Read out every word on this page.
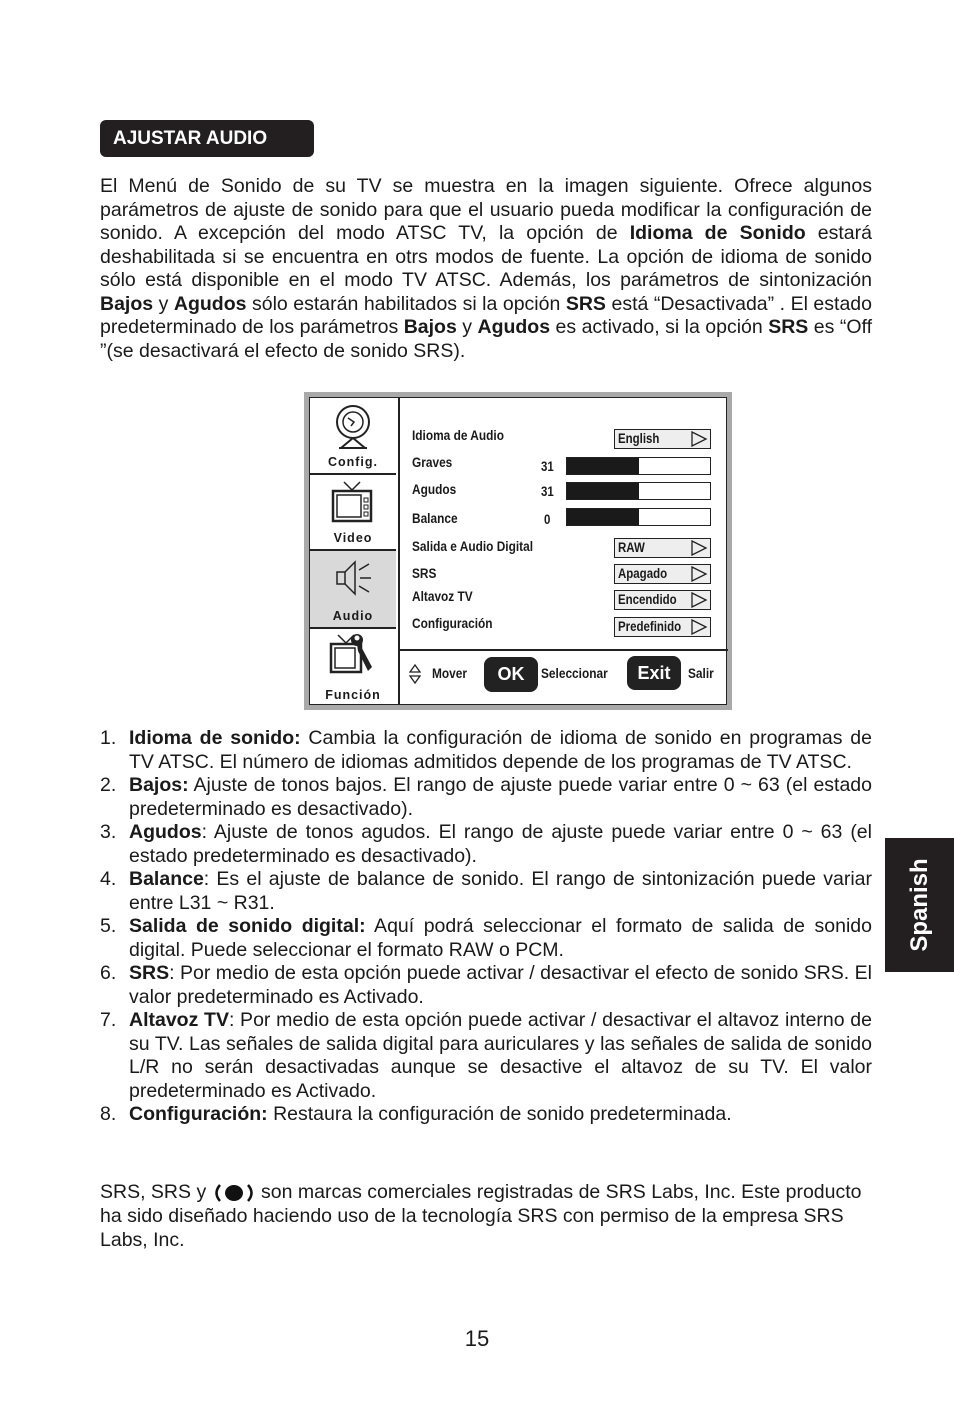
AJUSTAR AUDIO

El Menú de Sonido de su TV se muestra en la imagen siguiente. Ofrece algunos parámetros de ajuste de sonido para que el usuario pueda modificar la configuración de sonido. A excepción del modo ATSC TV, la opción de Idioma de Sonido estará deshabilitada si se encuentra en otrs modos de fuente. La opción de idioma de sonido sólo está disponible en el modo TV ATSC. Además, los parámetros de sintonización Bajos y Agudos sólo estarán habilitados si la opción SRS está “Desactivada” . El estado predeterminado de los parámetros Bajos y Agudos es activado, si la opción SRS es “Off ”(se desactivará el efecto de sonido SRS).

Config.
Video
Audio
Función
Idioma de Audio	English
Graves	31
Agudos	31
Balance	0
Salida e Audio Digital	RAW
SRS	Apagado
Altavoz TV	Encendido
Configuración	Predefinido
Mover	OK	Seleccionar	Exit	Salir

1. Idioma de sonido: Cambia la configuración de idioma de sonido en programas de TV ATSC. El número de idiomas admitidos depende de los programas de TV ATSC.

2. Bajos: Ajuste de tonos bajos. El rango de ajuste puede variar entre 0 ~ 63 (el estado predeterminado es desactivado).

3. Agudos: Ajuste de tonos agudos. El rango de ajuste puede variar entre 0 ~ 63 (el estado predeterminado es desactivado).

4. Balance: Es el ajuste de balance de sonido. El rango de sintonización puede variar entre L31 ~ R31.

5. Salida de sonido digital: Aquí podrá seleccionar el formato de salida de sonido digital. Puede seleccionar el formato RAW o PCM.

6. SRS: Por medio de esta opción puede activar / desactivar el efecto de sonido SRS. El valor predeterminado es Activado.

7. Altavoz TV: Por medio de esta opción puede activar / desactivar el altavoz interno de su TV. Las señales de salida digital para auriculares y las señales de salida de sonido L/R no serán desactivadas aunque se desactive el altavoz de su TV. El valor predeterminado es Activado.

8. Configuración: Restaura la configuración de sonido predeterminada.

SRS, SRS y  son marcas comerciales registradas de SRS Labs, Inc. Este producto ha sido diseñado haciendo uso de la tecnología SRS con permiso de la empresa SRS Labs, Inc.
15
Spanish
